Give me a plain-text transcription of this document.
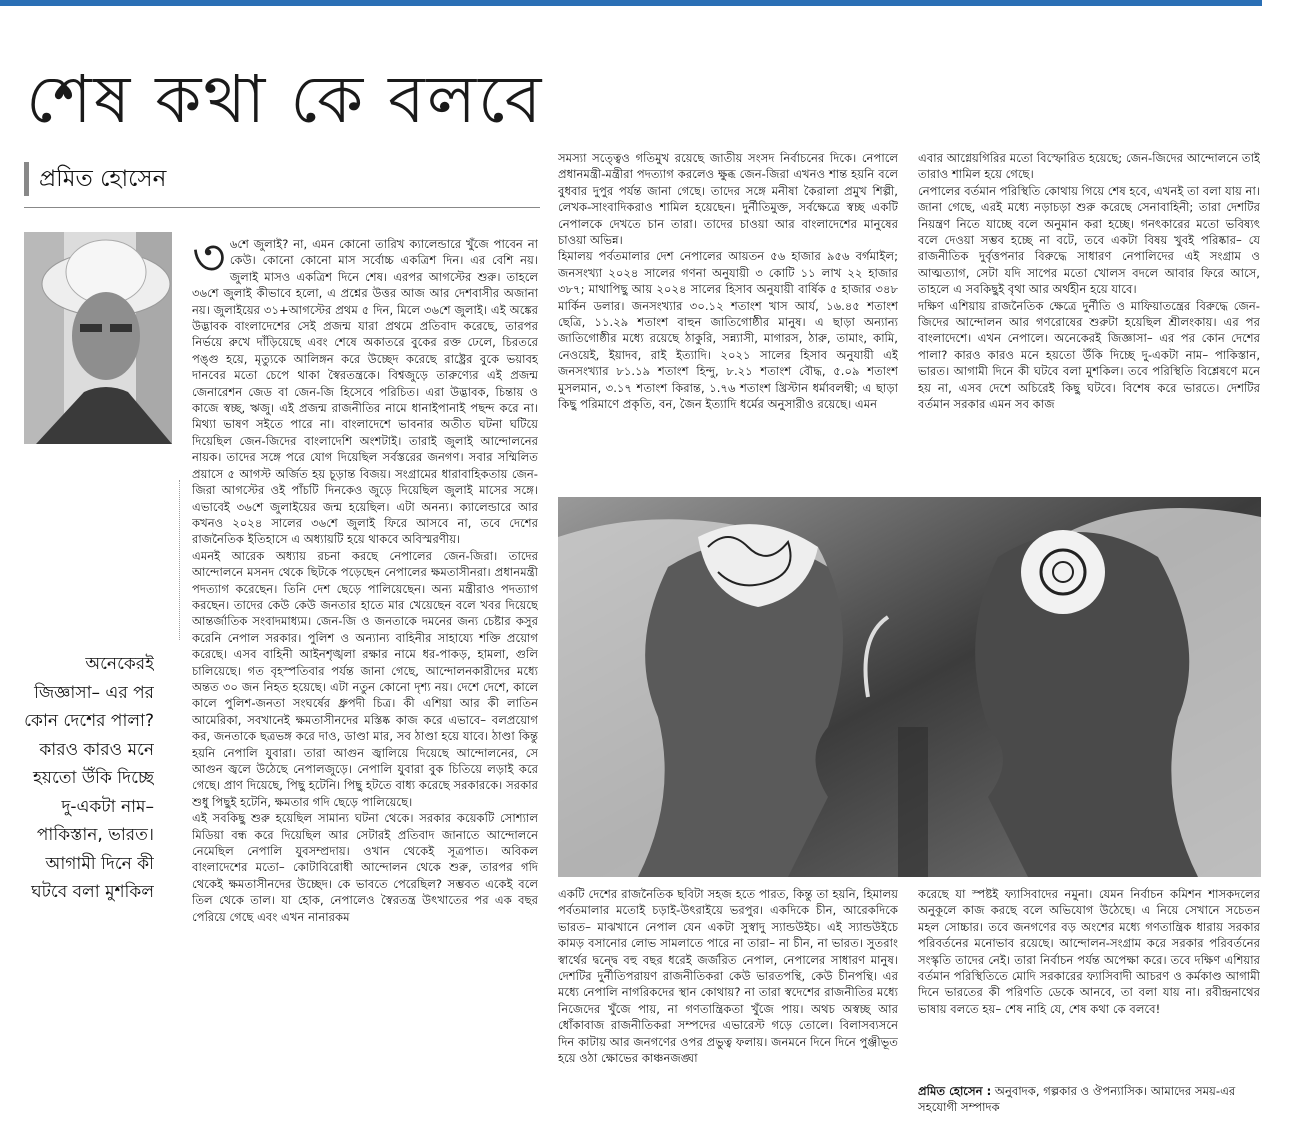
শেষ কথা কে বলবে
প্রমিত হোসেন
অনেকেরই জিজ্ঞাসা– এর পর কোন দেশের পালা? কারও কারও মনে হয়তো উঁকি দিচ্ছে দু-একটা নাম– পাকিস্তান, ভারত। আগামী দিনে কী ঘটবে বলা মুশকিল

৩ ৬শে জুলাই? না, এমন কোনো তারিখ ক্যালেন্ডারে খুঁজে পাবেন না কেউ। কোনো কোনো মাস সর্বোচ্চ একত্রিশ দিন। এর বেশি নয়। জুলাই মাসও একত্রিশ দিনে শেষ। এরপর আগস্টের শুরু। তাহলে ৩৬শে জুলাই কীভাবে হলো, এ প্রশ্নের উত্তর আজ আর দেশবাসীর অজানা নয়। জুলাইয়ের ৩১+আগস্টের প্রথম ৫ দিন, মিলে ৩৬শে জুলাই। এই অঙ্কের উদ্ভাবক বাংলাদেশের সেই প্রজন্ম যারা প্রথমে প্রতিবাদ করেছে, তারপর নির্ভয়ে রুখে দাঁড়িয়েছে এবং শেষে অকাতরে বুকের রক্ত ঢেলে, চিরতরে পঙ্গু হয়ে, মৃত্যুকে আলিঙ্গন করে উচ্ছেদ করেছে রাষ্ট্রের বুকে ভয়াবহ দানবের মতো চেপে থাকা স্বৈরতন্ত্রকে। বিশ্বজুড়ে তারুণ্যের এই প্রজন্ম জেনারেশন জেড বা জেন-জি হিসেবে পরিচিত। এরা উদ্ভাবক, চিন্তায় ও কাজে স্বচ্ছ, ঋজু। এই প্রজন্ম রাজনীতির নামে ধানাইপানাই পছন্দ করে না। মিথ্যা ভাষণ সইতে পারে না। বাংলাদেশে ভাবনার অতীত ঘটনা ঘটিয়ে দিয়েছিল জেন-জিদের বাংলাদেশি অংশটাই। তারাই জুলাই আন্দোলনের নায়ক। তাদের সঙ্গে পরে যোগ দিয়েছিল সর্বস্তরের জনগণ। সবার সম্মিলিত প্রয়াসে ৫ আগস্ট অর্জিত হয় চূড়ান্ত বিজয়। সংগ্রামের ধারাবাহিকতায় জেন-জিরা আগস্টের ওই পাঁচটি দিনকেও জুড়ে দিয়েছিল জুলাই মাসের সঙ্গে। এভাবেই ৩৬শে জুলাইয়ের জন্ম হয়েছিল। এটা অনন্য। ক্যালেন্ডারে আর কখনও ২০২৪ সালের ৩৬শে জুলাই ফিরে আসবে না, তবে দেশের রাজনৈতিক ইতিহাসে এ অধ্যায়টি হয়ে থাকবে অবিস্মরণীয়।

এমনই আরেক অধ্যায় রচনা করছে নেপালের জেন-জিরা। তাদের আন্দোলনে মসনদ থেকে ছিটকে পড়েছেন নেপালের ক্ষমতাসীনরা। প্রধানমন্ত্রী পদত্যাগ করেছেন। তিনি দেশ ছেড়ে পালিয়েছেন। অন্য মন্ত্রীরাও পদত্যাগ করছেন। তাদের কেউ কেউ জনতার হাতে মার খেয়েছেন বলে খবর দিয়েছে আন্তর্জাতিক সংবাদমাধ্যম। জেন-জি ও জনতাকে দমনের জন্য চেষ্টার কসুর করেনি নেপাল সরকার। পুলিশ ও অন্যান্য বাহিনীর সাহায্যে শক্তি প্রয়োগ করেছে। এসব বাহিনী আইনশৃঙ্খলা রক্ষার নামে ধর-পাকড়, হামলা, গুলি চালিয়েছে। গত বৃহস্পতিবার পর্যন্ত জানা গেছে, আন্দোলনকারীদের মধ্যে অন্তত ৩০ জন নিহত হয়েছে। এটা নতুন কোনো দৃশ্য নয়। দেশে দেশে, কালে কালে পুলিশ-জনতা সংঘর্ষের ধ্রুপদী চিত্র। কী এশিয়া আর কী লাতিন আমেরিকা, সবখানেই ক্ষমতাসীনদের মস্তিষ্ক কাজ করে এভাবে– বলপ্রয়োগ কর, জনতাকে ছত্রভঙ্গ করে দাও, ডাণ্ডা মার, সব ঠাণ্ডা হয়ে যাবে। ঠাণ্ডা কিন্তু হয়নি নেপালি যুবারা। তারা আগুন জ্বালিয়ে দিয়েছে আন্দোলনের, সে আগুন জ্বলে উঠেছে নেপালজুড়ে। নেপালি যুবারা বুক চিতিয়ে লড়াই করে গেছে। প্রাণ দিয়েছে, পিছু হটেনি। পিছু হটতে বাধ্য করেছে সরকারকে। সরকার শুধু পিছুই হটেনি, ক্ষমতার গদি ছেড়ে পালিয়েছে।

এই সবকিছু শুরু হয়েছিল সামান্য ঘটনা থেকে। সরকার কয়েকটি সোশ্যাল মিডিয়া বন্ধ করে দিয়েছিল আর সেটারই প্রতিবাদ জানাতে আন্দোলনে নেমেছিল নেপালি যুবসম্প্রদায়। ওখান থেকেই সূত্রপাত। অবিকল বাংলাদেশের মতো– কোটাবিরোধী আন্দোলন থেকে শুরু, তারপর গদি থেকেই ক্ষমতাসীনদের উচ্ছেদ। কে ভাবতে পেরেছিল? সম্ভবত একেই বলে তিল থেকে তাল। যা হোক, নেপালেও স্বৈরতন্ত্র উৎখাতের পর এক বছর পেরিয়ে গেছে এবং এখন নানারকম

সমস্যা সত্ত্বেও গতিমুখ রয়েছে জাতীয় সংসদ নির্বাচনের দিকে। নেপালে প্রধানমন্ত্রী-মন্ত্রীরা পদত্যাগ করলেও ক্ষুব্ধ জেন-জিরা এখনও শান্ত হয়নি বলে বুধবার দুপুর পর্যন্ত জানা গেছে। তাদের সঙ্গে মনীষা কৈরালা প্রমুখ শিল্পী, লেখক-সাংবাদিকরাও শামিল হয়েছেন। দুর্নীতিমুক্ত, সর্বক্ষেত্রে স্বচ্ছ একটি নেপালকে দেখতে চান তারা। তাদের চাওয়া আর বাংলাদেশের মানুষের চাওয়া অভিন্ন।

হিমালয় পর্বতমালার দেশ নেপালের আয়তন ৫৬ হাজার ৯৫৬ বর্গমাইল; জনসংখ্যা ২০২৪ সালের গণনা অনুযায়ী ৩ কোটি ১১ লাখ ২২ হাজার ৩৮৭; মাথাপিছু আয় ২০২৪ সালের হিসাব অনুযায়ী বার্ষিক ৫ হাজার ৩৪৮ মার্কিন ডলার। জনসংখ্যার ৩০.১২ শতাংশ খাস আর্য, ১৬.৪৫ শতাংশ ছেত্রি, ১১.২৯ শতাংশ বাহুন জাতিগোষ্ঠীর মানুষ। এ ছাড়া অন্যান্য জাতিগোষ্ঠীর মধ্যে রয়েছে ঠাকুরি, সন্ন্যাসী, মাগারস, ঠারু, তামাং, কামি, নেওয়েই, ইয়াদব, রাই ইত্যাদি। ২০২১ সালের হিসাব অনুযায়ী এই জনসংখ্যার ৮১.১৯ শতাংশ হিন্দু, ৮.২১ শতাংশ বৌদ্ধ, ৫.০৯ শতাংশ মুসলমান, ৩.১৭ শতাংশ কিরান্ত, ১.৭৬ শতাংশ খ্রিস্টান ধর্মাবলম্বী; এ ছাড়া কিছু পরিমাণে প্রকৃতি, বন, জৈন ইত্যাদি ধর্মের অনুসারীও রয়েছে। এমন

এবার আগ্নেয়গিরির মতো বিস্ফোরিত হয়েছে; জেন-জিদের আন্দোলনে তাই তারাও শামিল হয়ে গেছে।

নেপালের বর্তমান পরিস্থিতি কোথায় গিয়ে শেষ হবে, এখনই তা বলা যায় না। জানা গেছে, এরই মধ্যে নড়াচড়া শুরু করেছে সেনাবাহিনী; তারা দেশটির নিয়ন্ত্রণ নিতে যাচ্ছে বলে অনুমান করা হচ্ছে। গনৎকারের মতো ভবিষ্যৎ বলে দেওয়া সম্ভব হচ্ছে না বটে, তবে একটা বিষয় খুবই পরিষ্কার– যে রাজনীতিক দুর্বৃত্তপনার বিরুদ্ধে সাধারণ নেপালিদের এই সংগ্রাম ও আত্মত্যাগ, সেটা যদি সাপের মতো খোলস বদলে আবার ফিরে আসে, তাহলে এ সবকিছুই বৃথা আর অর্থহীন হয়ে যাবে।

দক্ষিণ এশিয়ায় রাজনৈতিক ক্ষেত্রে দুর্নীতি ও মাফিয়াতন্ত্রের বিরুদ্ধে জেন-জিদের আন্দোলন আর গণরোষের শুরুটা হয়েছিল শ্রীলংকায়। এর পর বাংলাদেশে। এখন নেপালে। অনেকেরই জিজ্ঞাসা– এর পর কোন দেশের পালা? কারও কারও মনে হয়তো উঁকি দিচ্ছে দু-একটা নাম– পাকিস্তান, ভারত। আগামী দিনে কী ঘটবে বলা মুশকিল। তবে পরিস্থিতি বিশ্লেষণে মনে হয় না, এসব দেশে অচিরেই কিছু ঘটবে। বিশেষ করে ভারতে। দেশটির বর্তমান সরকার এমন সব কাজ

একটি দেশের রাজনৈতিক ছবিটা সহজ হতে পারত, কিন্তু তা হয়নি, হিমালয় পর্বতমালার মতোই চড়াই-উৎরাইয়ে ভরপুর। একদিকে চীন, আরেকদিকে ভারত– মাঝখানে নেপাল যেন একটা সুস্বাদু স্যান্ডউইচ। এই স্যান্ডউইচে কামড় বসানোর লোভ সামলাতে পারে না তারা– না চীন, না ভারত। সুতরাং স্বার্থের দ্বন্দ্বে বহু বছর ধরেই জর্জরিত নেপাল, নেপালের সাধারণ মানুষ। দেশটির দুর্নীতিপরায়ণ রাজনীতিকরা কেউ ভারতপন্থি, কেউ চীনপন্থি। এর মধ্যে নেপালি নাগরিকদের স্থান কোথায়? না তারা স্বদেশের রাজনীতির মধ্যে নিজেদের খুঁজে পায়, না গণতান্ত্রিকতা খুঁজে পায়। অথচ অস্বচ্ছ আর ধোঁকাবাজ রাজনীতিকরা সম্পদের এভারেস্ট গড়ে তোলে। বিলাসব্যসনে দিন কাটায় আর জনগণের ওপর প্রভুত্ব ফলায়। জনমনে দিনে দিনে পুঞ্জীভূত হয়ে ওঠা ক্ষোভের কাঞ্চনজঙ্ঘা

করেছে যা স্পষ্টই ফ্যাসিবাদের নমুনা। যেমন নির্বাচন কমিশন শাসকদলের অনুকূলে কাজ করছে বলে অভিযোগ উঠেছে। এ নিয়ে সেখানে সচেতন মহল সোচ্চার। তবে জনগণের বড় অংশের মধ্যে গণতান্ত্রিক ধারায় সরকার পরিবর্তনের মনোভাব রয়েছে। আন্দোলন-সংগ্রাম করে সরকার পরিবর্তনের সংস্কৃতি তাদের নেই। তারা নির্বাচন পর্যন্ত অপেক্ষা করে। তবে দক্ষিণ এশিয়ার বর্তমান পরিস্থিতিতে মোদি সরকারের ফ্যাসিবাদী আচরণ ও কর্মকাণ্ড আগামী দিনে ভারতের কী পরিণতি ডেকে আনবে, তা বলা যায় না। রবীন্দ্রনাথের ভাষায় বলতে হয়– শেষ নাহি যে, শেষ কথা কে বলবে!

প্রমিত হোসেন : অনুবাদক, গল্পকার ও ঔপন্যাসিক। আমাদের সময়-এর সহযোগী সম্পাদক
